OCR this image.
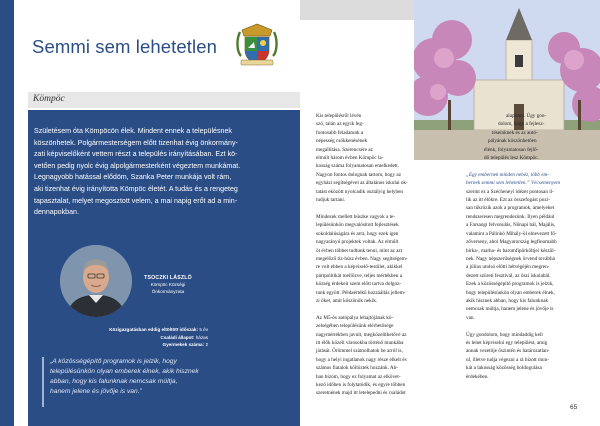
Semmi sem lehetetlen
Kömpöc
Születésem óta Kömpöcön élek. Mindent ennek a településnek
köszönhetek. Polgármesterségem előtt tizenhat évig önkormány-
zati képviselőként vettem részt a település irányításában. Ezt kö-
vetően pedig nyolc évig alpolgármesterként végeztem munkámat.
Legnagyobb hatással elődöm, Szanka Peter munkája volt rám,
aki tizenhat évig irányította Kömpöc életét. A tudás és a rengeteg
tapasztalat, melyet megosztott velem, a mai napig erőt ad a min-
dennapokban.
TSOCZKI LÁSZLÓ
Kömpöc Községi
Önkormányzata
Közigazgatásban eddig eltöltött időszak: 5 év
Családi állapot: házas
Gyermekek száma: 2
„A közösségépítő programok is jelzik, hogy
településünkön olyan emberek élnek, akik hisznek
abban, hogy kis falunknak nemcsak múltja,
hanem jelene és jövője is van.”
Kis településről lévén
szó, talán az egyik leg-
fontosabb feladatunk a
népesség csökkenésének
megállítása. Szerencsére az
elmúlt három évben Kömpöc la-
kosság száma folyamatosan emelkedett.
Nagyon fontos dolognak tartom, hogy az
egyházi segítségével az általános iskolai ok-
tatást eközött nyolcadik osztályig helyben
tudjuk tartani.

Mindezek mellett büszke vagyok a te-
lepülésünkön megvalósított fejlesztések
sokoldalúságára és arra, hogy ezek igen
nagyarányú projektek voltak. Az elmúlt
öt évben többet tudtunk tenni, mint az azt
megelőző tíz-húsz évben. Nagy segítségem-
re volt ebben a képviselő-testület, akikkel
pártpolitikát mellőzve, teljes mértékben a
község érdekeit szem előtt tartva dolgoz-
tunk együtt. Példaértékű hozzáállás jellem-
zi őket, amit köszönök nekik.

Az M5-ös autópálya lehajtójának kö-
zelségében településünk elérhetősége
nagymértékben javult, megközelíthetővé az
itt élők közeli városokba történő munkába
járását. Örömmel számolhatok be arról is,
hogy a helyi ingatlanok nagy része elkelt és
számos fiatalok költöztek hozzánk. Ab-
ban bízom, hogy ez folyamat az elkövet-
kező időben is folytatódik, és egyre többen
szeretnének majd itt letelepedni és családot
alapítani. Úgy gon-
dolom, hogy a fejlesz-
téseinknek és az autó-
pályának köszönhetően
élénk, folyamatosan fejlő-
dő település lesz Kömpöc.

„Egy embernek minden nehéz, több em-
bernek semmi sem lehetetlen.” Vécsemenyem
szerint ez a Szécheneyi idézet pontosan il-
lik az itt élőkre. Ezt az összefogást pozi-
san tükrözik azok a programok, amelyeket
rendszeresen megrendezünk. Ilyen például
a Farsangi felvonulás, Nőnapi bál, Majális,
valamint a Pálinkó Mihály-öl elnevezett fő-
zőverseny, ahol Magyarország legfinomabb
birka-, marha- és baromfipörköltjei készül-
nek. Nagy népszerűségnek örvend továbbá
a július utolsó előtti hétvégéjén megren-
dezett szüreti fesztivál, az őszi iskolabál.
Ezek a közösségépítő programok is jelzik,
hogy településünkön olyan emberek élnek,
akik hisznek abban, hogy kis falunknak
nemcsak múltja, hanem jelene és jövője is
van.

Úgy gondolom, hogy mindaddig kell
és lehet képviselni egy települést, amíg
annak vezetője őszintén és határozatlan-
ul, illetve tudja végezni a rá bízott mun-
kát a lakosság közösség boldogulása
érdekében.
65
